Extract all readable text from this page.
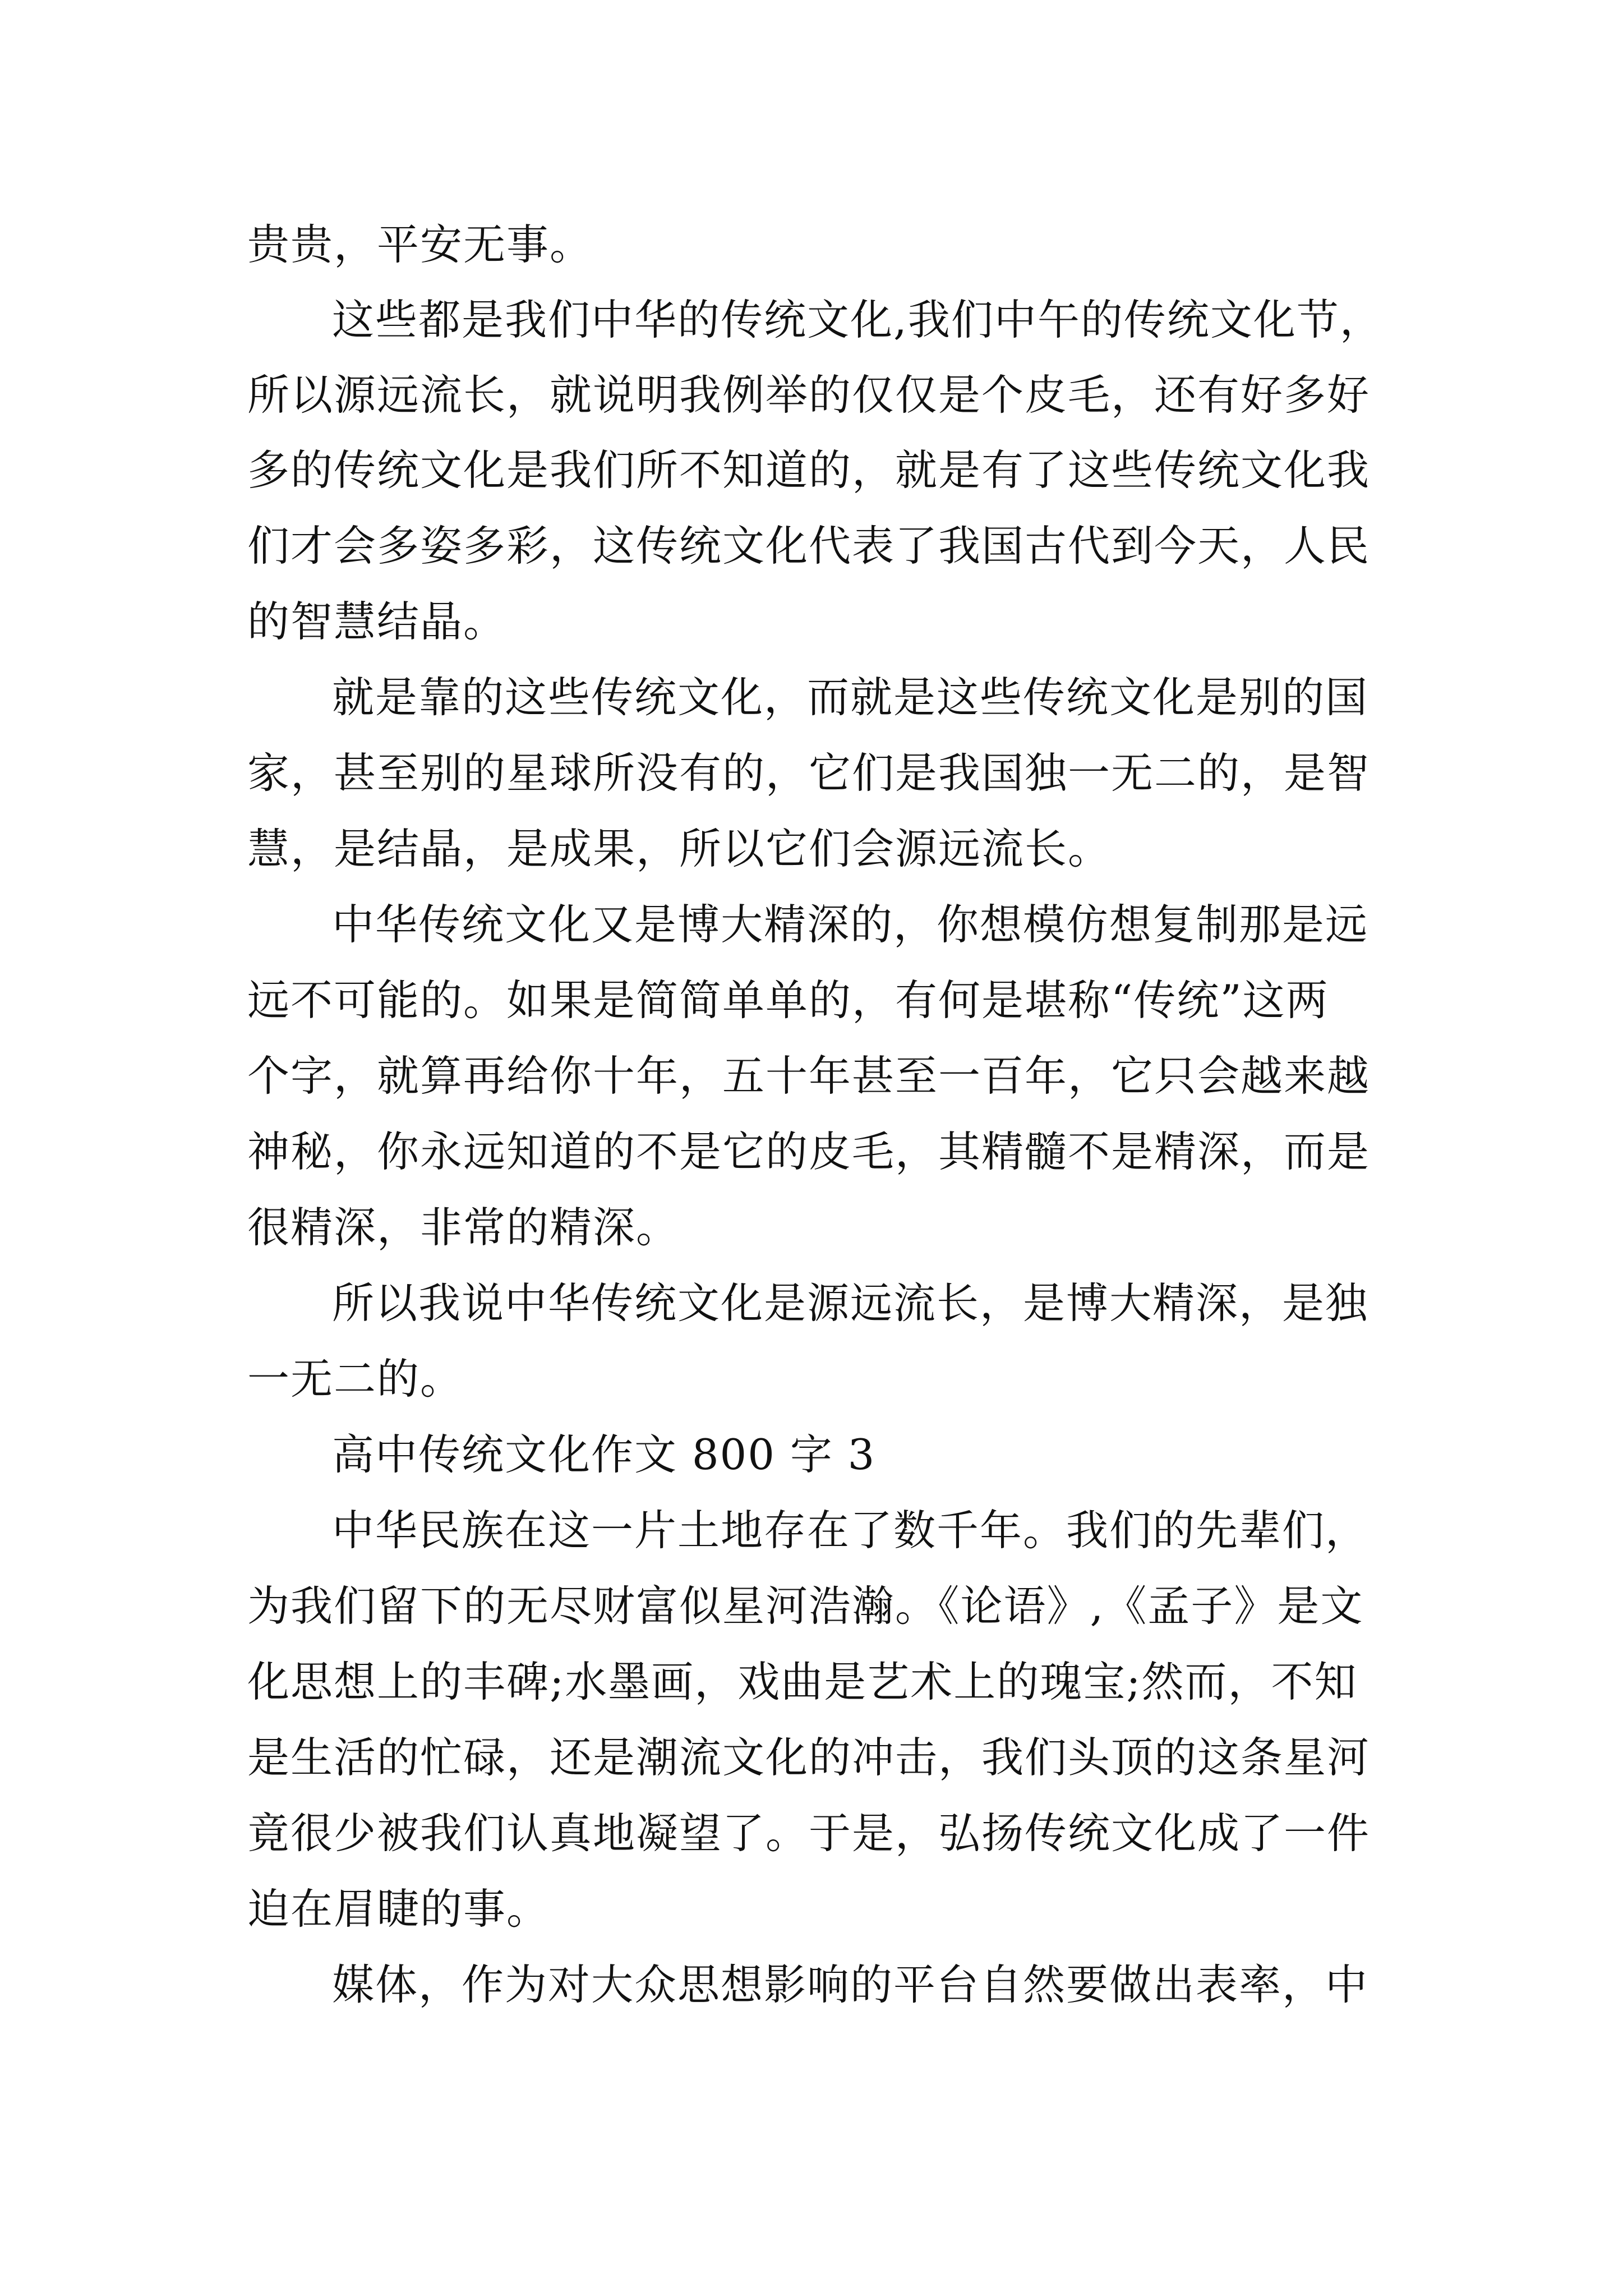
贵贵，平安无事。

这些都是我们中华的传统文化,我们中午的传统文化节，

所以源远流长，就说明我例举的仅仅是个皮毛，还有好多好

多的传统文化是我们所不知道的，就是有了这些传统文化我

们才会多姿多彩，这传统文化代表了我国古代到今天，人民

的智慧结晶。

就是靠的这些传统文化，而就是这些传统文化是别的国

家，甚至别的星球所没有的，它们是我国独一无二的，是智

慧，是结晶，是成果，所以它们会源远流长。

中华传统文化又是博大精深的，你想模仿想复制那是远

远不可能的。如果是简简单单的，有何是堪称“传统”这两

个字，就算再给你十年，五十年甚至一百年，它只会越来越

神秘，你永远知道的不是它的皮毛，其精髓不是精深，而是

很精深，非常的精深。

所以我说中华传统文化是源远流长，是博大精深，是独

一无二的。

高中传统文化作文 800 字 3

中华民族在这一片土地存在了数千年。我们的先辈们，

为我们留下的无尽财富似星河浩瀚。《论语》,《孟子》是文

化思想上的丰碑;水墨画，戏曲是艺术上的瑰宝;然而，不知

是生活的忙碌，还是潮流文化的冲击，我们头顶的这条星河

竟很少被我们认真地凝望了。于是，弘扬传统文化成了一件

迫在眉睫的事。

媒体，作为对大众思想影响的平台自然要做出表率，中
